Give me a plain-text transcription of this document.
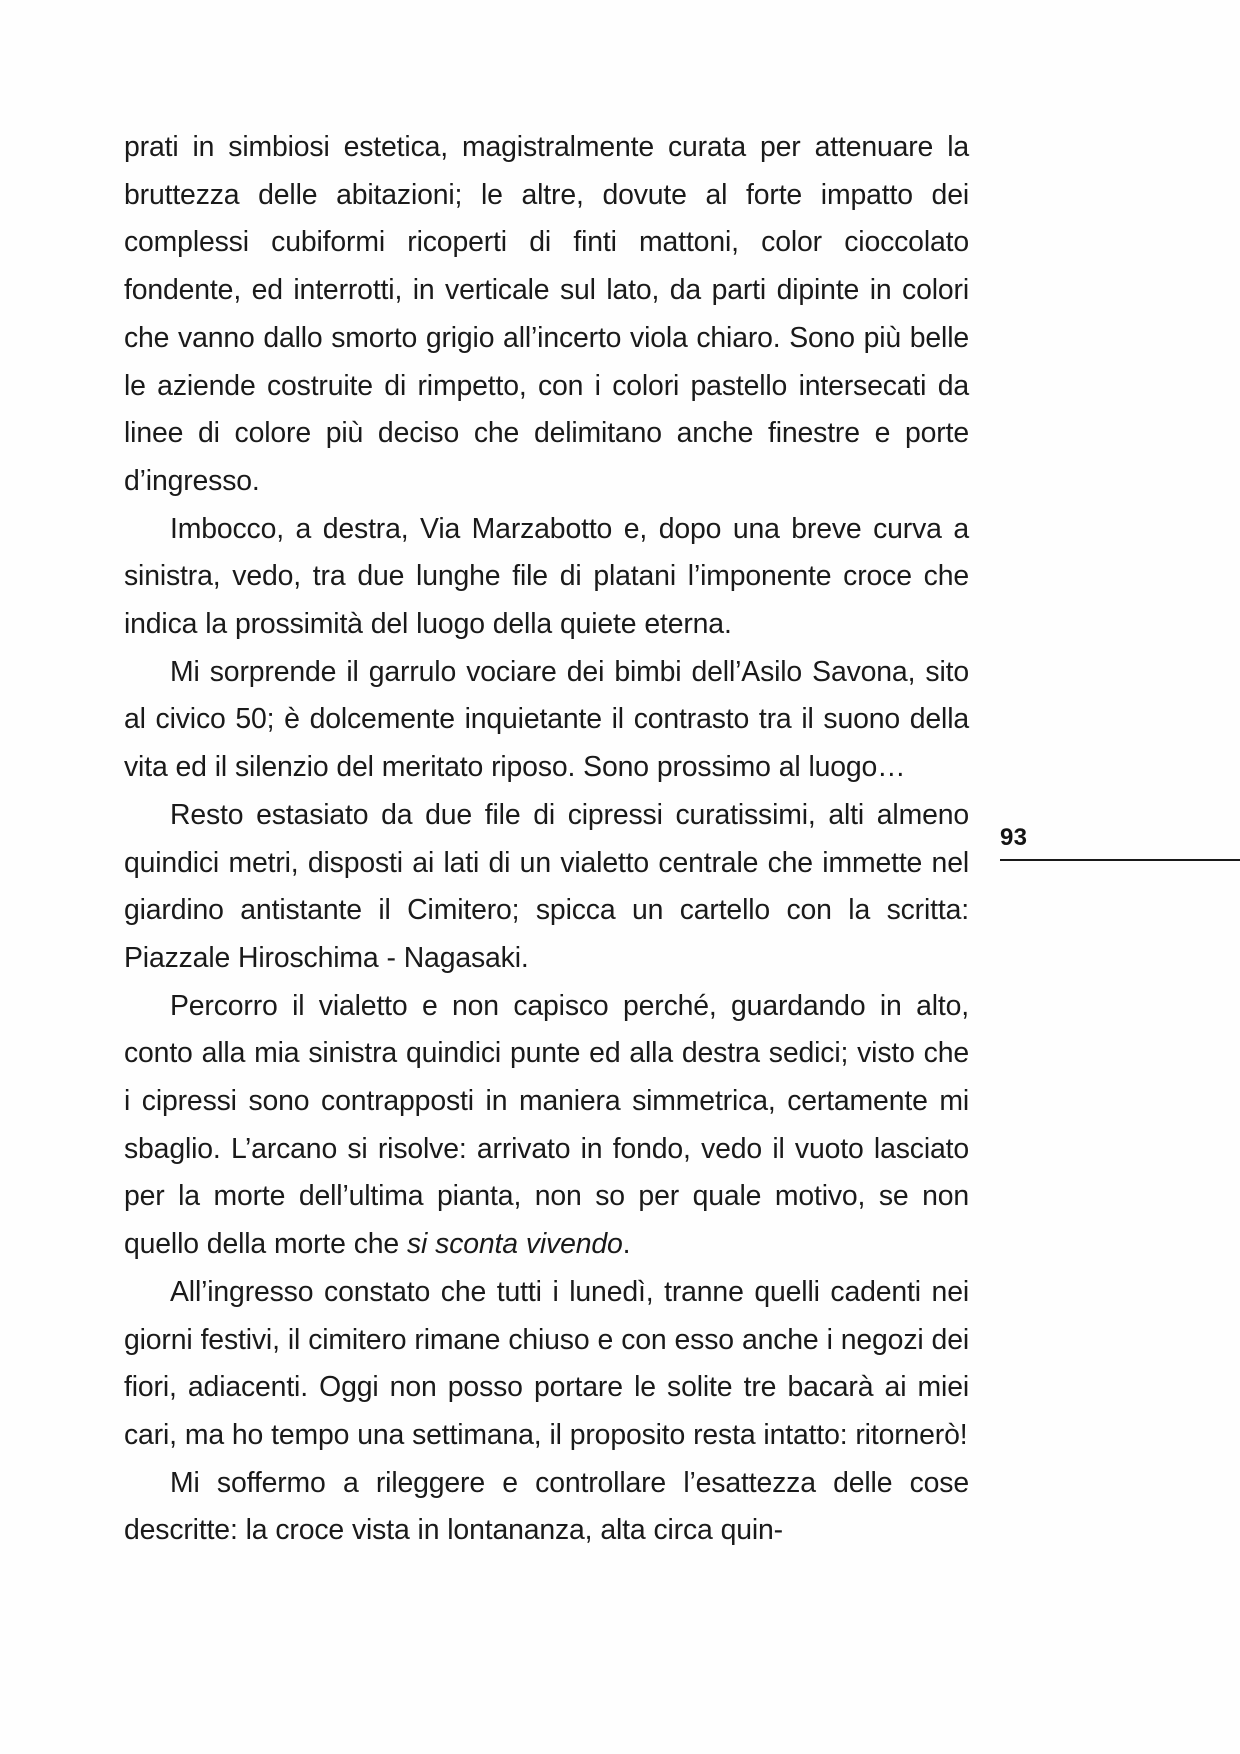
prati in simbiosi estetica, magistralmente curata per attenuare la bruttezza delle abitazioni; le altre, dovute al forte impatto dei complessi cubiformi ricoperti di finti mattoni, color cioccolato fondente, ed interrotti, in verticale sul lato, da parti dipinte in colori che vanno dallo smorto grigio all’incerto viola chiaro. Sono più belle le aziende costruite di rimpetto, con i colori pastello intersecati da linee di colore più deciso che delimitano anche finestre e porte d’ingresso.

Imbocco, a destra, Via Marzabotto e, dopo una breve curva a sinistra, vedo, tra due lunghe file di platani l’imponente croce che indica la prossimità del luogo della quiete eterna.

Mi sorprende il garrulo vociare dei bimbi dell’Asilo Savona, sito al civico 50; è dolcemente inquietante il contrasto tra il suono della vita ed il silenzio del meritato riposo. Sono prossimo al luogo…

Resto estasiato da due file di cipressi curatissimi, alti almeno quindici metri, disposti ai lati di un vialetto centrale che immette nel giardino antistante il Cimitero; spicca un cartello con la scritta: Piazzale Hiroschima - Nagasaki.

Percorro il vialetto e non capisco perché, guardando in alto, conto alla mia sinistra quindici punte ed alla destra sedici; visto che i cipressi sono contrapposti in maniera simmetrica, certamente mi sbaglio. L’arcano si risolve: arrivato in fondo, vedo il vuoto lasciato per la morte dell’ultima pianta, non so per quale motivo, se non quello della morte che si sconta vivendo.

All’ingresso constato che tutti i lunedì, tranne quelli cadenti nei giorni festivi, il cimitero rimane chiuso e con esso anche i negozi dei fiori, adiacenti. Oggi non posso portare le solite tre bacarà ai miei cari, ma ho tempo una settimana, il proposito resta intatto: ritornerò!

Mi soffermo a rileggere e controllare l’esattezza delle cose descritte: la croce vista in lontananza, alta circa quin-

93
